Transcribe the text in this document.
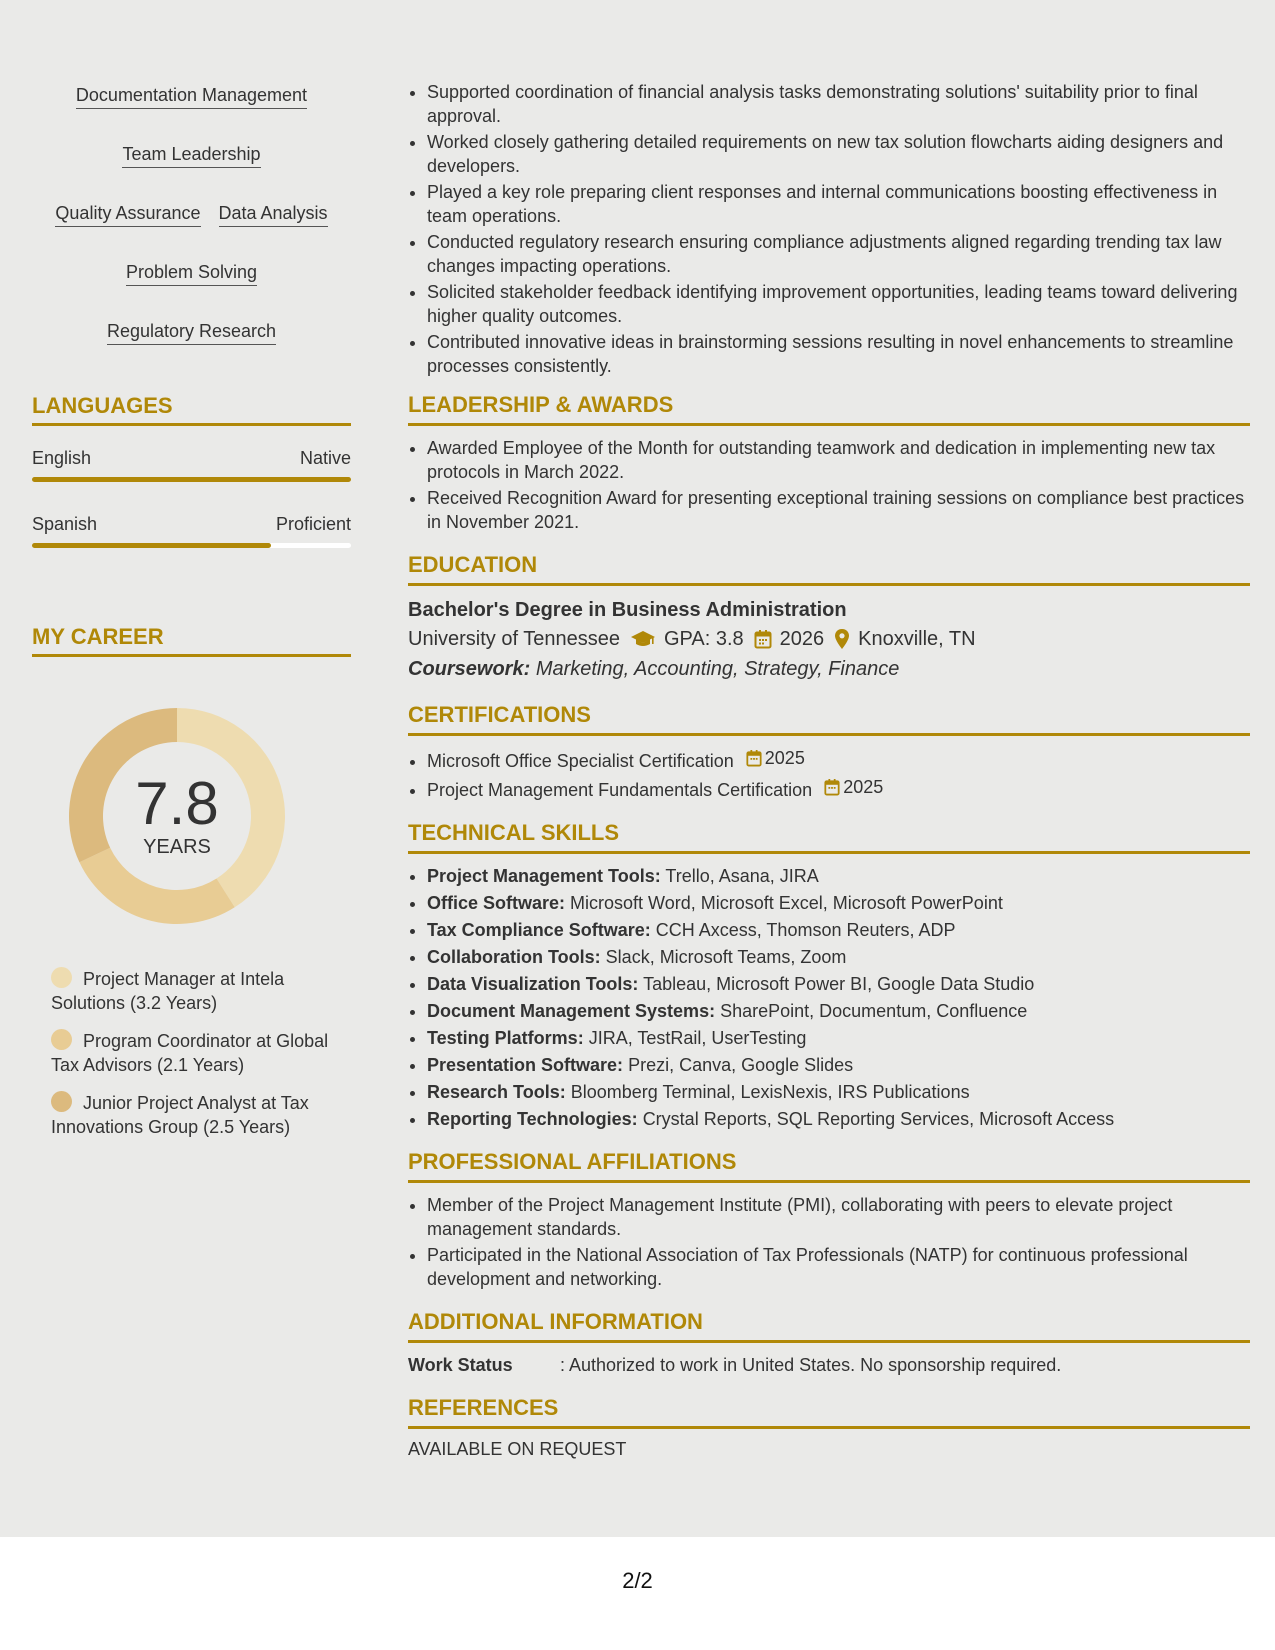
2/2
Documentation Management
Team Leadership
Quality Assurance Data Analysis
Problem Solving
Regulatory Research
LANGUAGES
English	Native
Spanish	Proficient
MY CAREER
7.8
YEARS
Project Manager at Intela Solutions (3.2 Years)
Program Coordinator at Global Tax Advisors (2.1 Years)
Junior Project Analyst at Tax Innovations Group (2.5 Years)
• Supported coordination of financial analysis tasks demonstrating solutions' suitability prior to final approval.
• Worked closely gathering detailed requirements on new tax solution flowcharts aiding designers and developers.
• Played a key role preparing client responses and internal communications boosting effectiveness in team operations.
• Conducted regulatory research ensuring compliance adjustments aligned regarding trending tax law changes impacting operations.
• Solicited stakeholder feedback identifying improvement opportunities, leading teams toward delivering higher quality outcomes.
• Contributed innovative ideas in brainstorming sessions resulting in novel enhancements to streamline processes consistently.
LEADERSHIP & AWARDS
• Awarded Employee of the Month for outstanding teamwork and dedication in implementing new tax protocols in March 2022.
• Received Recognition Award for presenting exceptional training sessions on compliance best practices in November 2021.
EDUCATION
Bachelor's Degree in Business Administration
University of Tennessee GPA: 3.8 2026 Knoxville, TN
Coursework: Marketing, Accounting, Strategy, Finance
CERTIFICATIONS
• Microsoft Office Specialist Certification 2025
• Project Management Fundamentals Certification 2025
TECHNICAL SKILLS
• Project Management Tools: Trello, Asana, JIRA
• Office Software: Microsoft Word, Microsoft Excel, Microsoft PowerPoint
• Tax Compliance Software: CCH Axcess, Thomson Reuters, ADP
• Collaboration Tools: Slack, Microsoft Teams, Zoom
• Data Visualization Tools: Tableau, Microsoft Power BI, Google Data Studio
• Document Management Systems: SharePoint, Documentum, Confluence
• Testing Platforms: JIRA, TestRail, UserTesting
• Presentation Software: Prezi, Canva, Google Slides
• Research Tools: Bloomberg Terminal, LexisNexis, IRS Publications
• Reporting Technologies: Crystal Reports, SQL Reporting Services, Microsoft Access
PROFESSIONAL AFFILIATIONS
• Member of the Project Management Institute (PMI), collaborating with peers to elevate project management standards.
• Participated in the National Association of Tax Professionals (NATP) for continuous professional development and networking.
ADDITIONAL INFORMATION
Work Status	: Authorized to work in United States. No sponsorship required.
REFERENCES
AVAILABLE ON REQUEST
